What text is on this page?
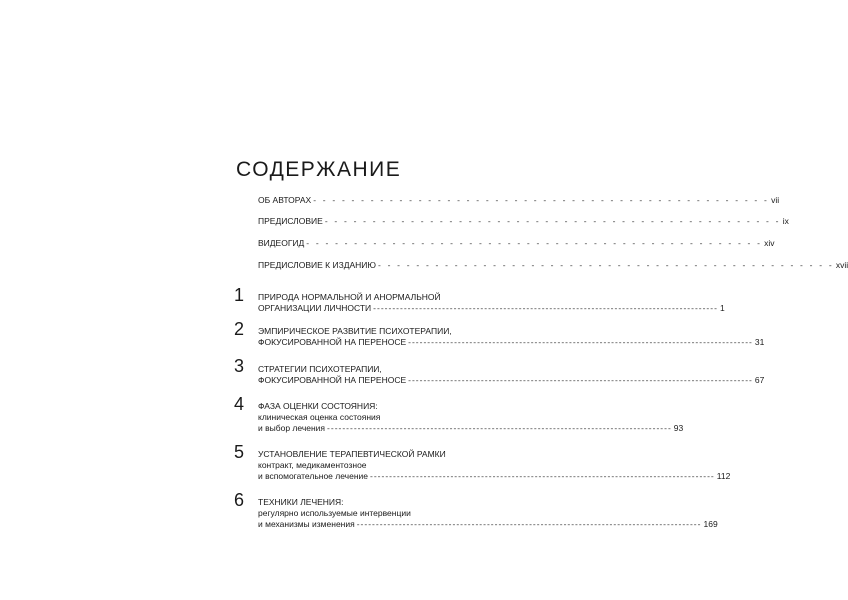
СОДЕРЖАНИЕ
ОБ АВТОРАХ - - - - - - - - - - - - - - - - - - - - - - - - - - - - - - - - - - - - - - - - - - - - - - - - vii
ПРЕДИСЛОВИЕ - - - - - - - - - - - - - - - - - - - - - - - - - - - - - - - - - - - - - - - - - - - - - - - - ix
ВИДЕОГИД - - - - - - - - - - - - - - - - - - - - - - - - - - - - - - - - - - - - - - - - - - - - - - - - xiv
ПРЕДИСЛОВИЕ К ИЗДАНИЮ - - - - - - - - - - - - - - - - - - - - - - - - - - - - - - - - - - - - - - - - - - - - - - - - xvii
1 ПРИРОДА НОРМАЛЬНОЙ И АНОРМАЛЬНОЙ
ОРГАНИЗАЦИИ ЛИЧНОСТИ ------------------------------------------------------------------------------------------ 1
2 ЭМПИРИЧЕСКОЕ РАЗВИТИЕ ПСИХОТЕРАПИИ,
ФОКУСИРОВАННОЙ НА ПЕРЕНОСЕ ------------------------------------------------------------------------------------------ 31
3 СТРАТЕГИИ ПСИХОТЕРАПИИ,
ФОКУСИРОВАННОЙ НА ПЕРЕНОСЕ ------------------------------------------------------------------------------------------ 67
4 ФАЗА ОЦЕНКИ СОСТОЯНИЯ:
клиническая оценка состояния
и выбор лечения ------------------------------------------------------------------------------------------ 93
5 УСТАНОВЛЕНИЕ ТЕРАПЕВТИЧЕСКОЙ РАМКИ
контракт, медикаментозное
и вспомогательное лечение ------------------------------------------------------------------------------------------ 112
6 ТЕХНИКИ ЛЕЧЕНИЯ:
регулярно используемые интервенции
и механизмы изменения ------------------------------------------------------------------------------------------ 169
